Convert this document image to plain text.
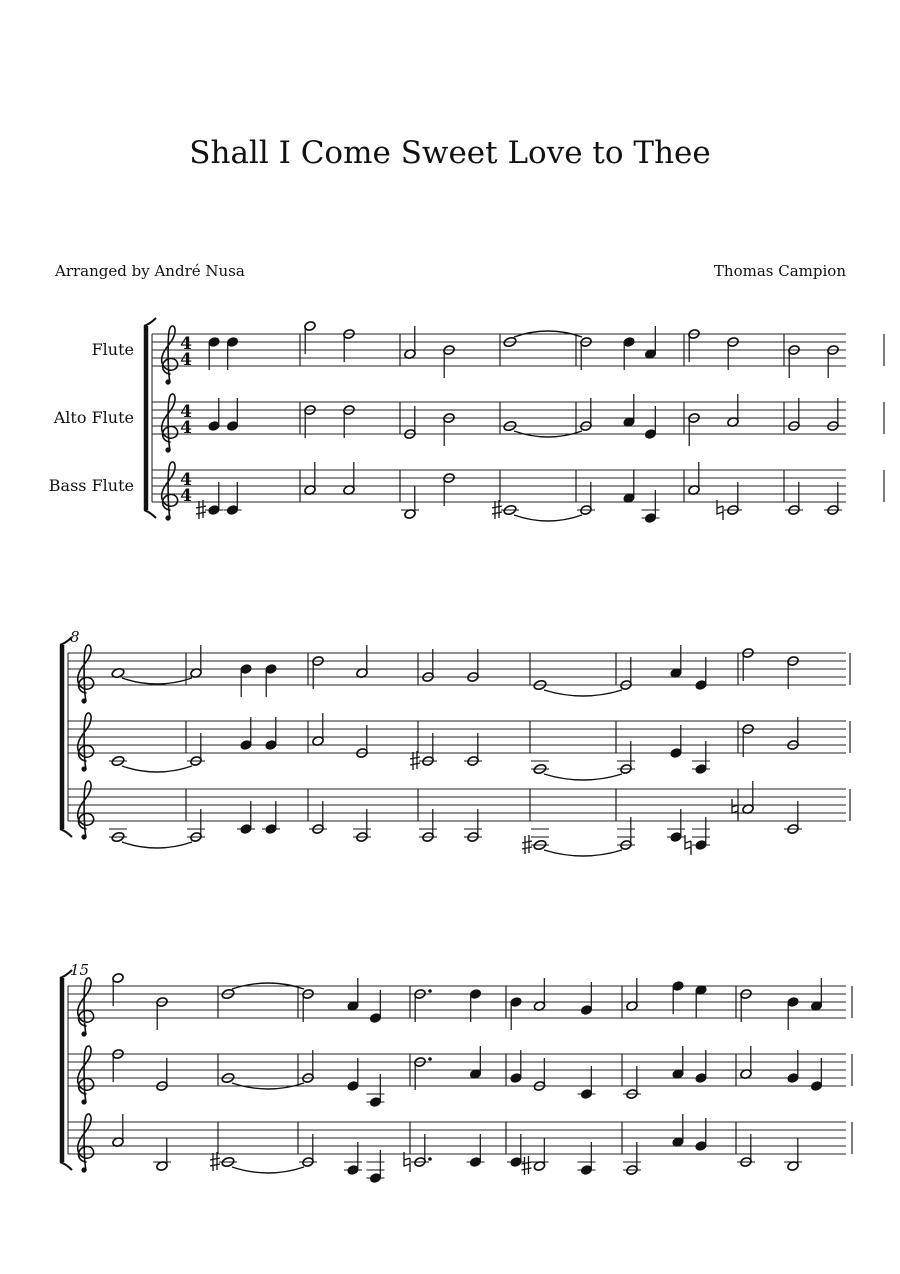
Shall I Come Sweet Love to Thee
Arranged by André Nusa	Thomas Campion
Flute
Alto Flute
Bass Flute
4
4
4
4
4
4
8
15
